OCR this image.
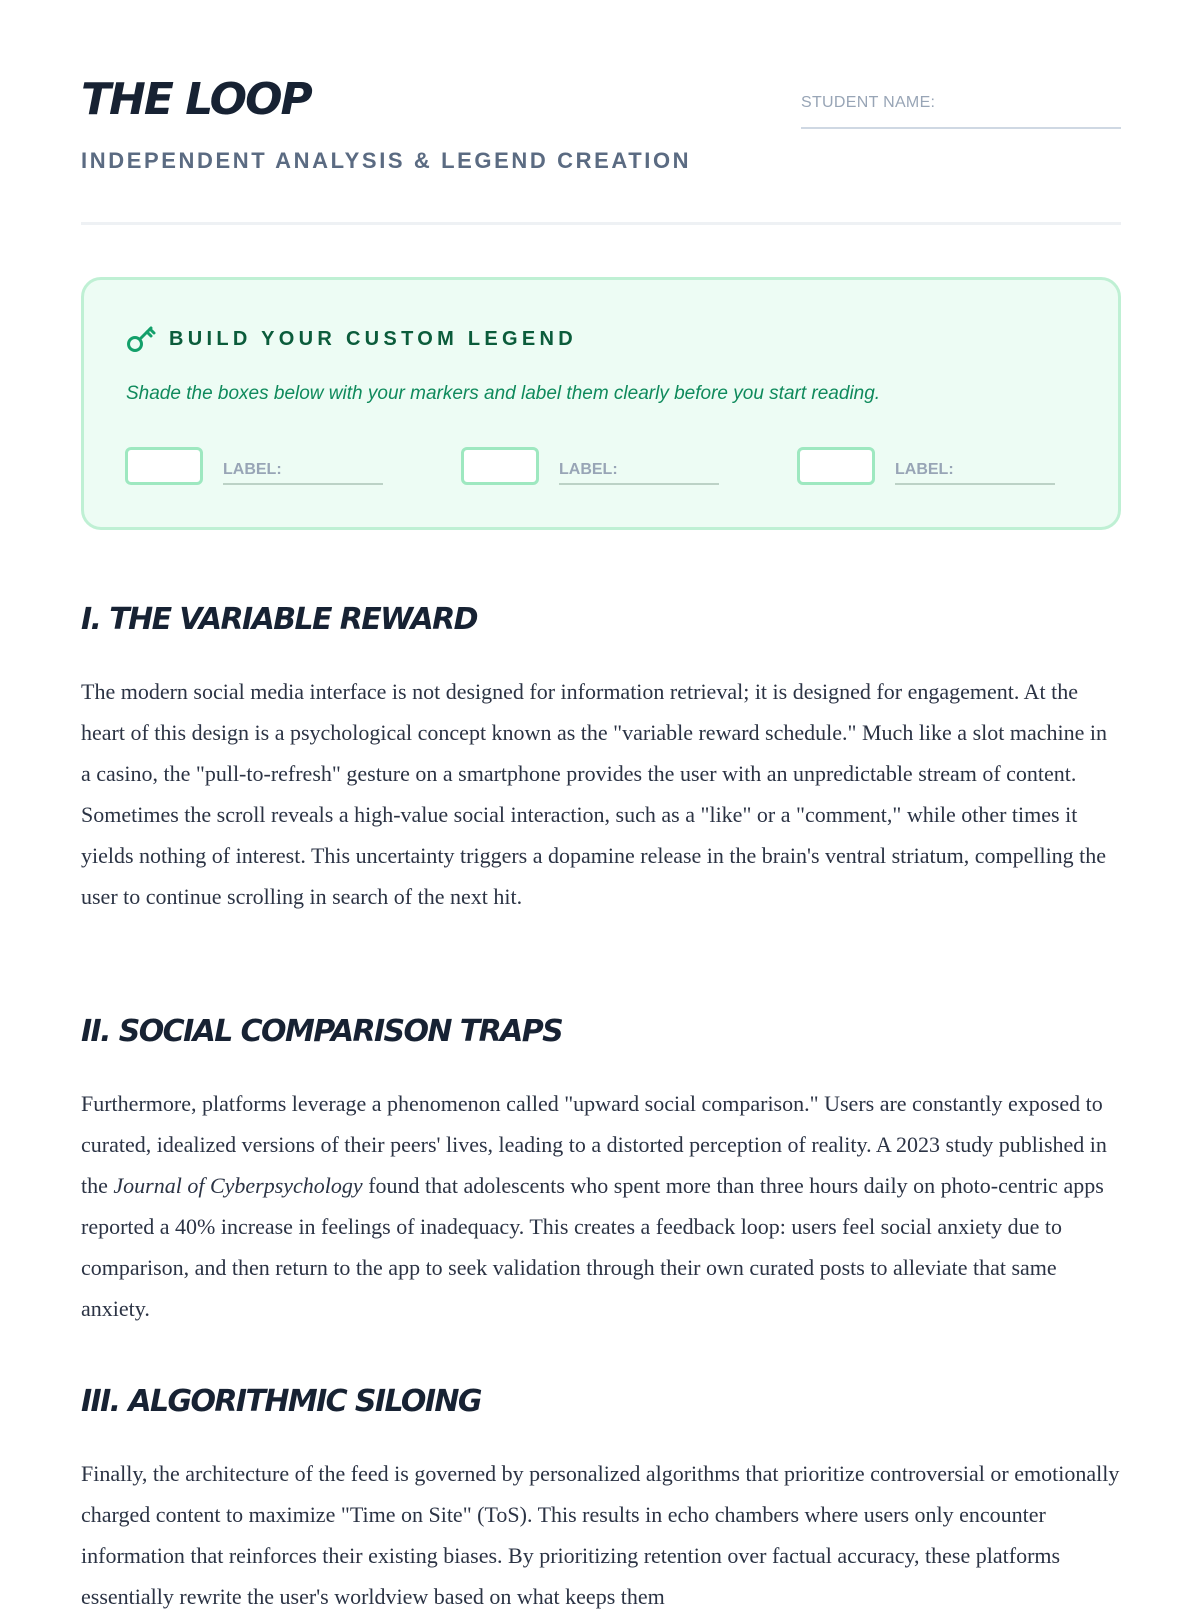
THE LOOP
INDEPENDENT ANALYSIS & LEGEND CREATION
STUDENT NAME:
BUILD YOUR CUSTOM LEGEND
Shade the boxes below with your markers and label them clearly before you start reading.
LABEL:	LABEL:	LABEL:
I. THE VARIABLE REWARD

The modern social media interface is not designed for information retrieval; it is designed for engagement. At the heart of this design is a psychological concept known as the "variable reward schedule." Much like a slot machine in a casino, the "pull-to-refresh" gesture on a smartphone provides the user with an unpredictable stream of content. Sometimes the scroll reveals a high-value social interaction, such as a "like" or a "comment," while other times it yields nothing of interest. This uncertainty triggers a dopamine release in the brain's ventral striatum, compelling the user to continue scrolling in search of the next hit.

II. SOCIAL COMPARISON TRAPS

Furthermore, platforms leverage a phenomenon called "upward social comparison." Users are constantly exposed to curated, idealized versions of their peers' lives, leading to a distorted perception of reality. A 2023 study published in the Journal of Cyberpsychology found that adolescents who spent more than three hours daily on photo-centric apps reported a 40% increase in feelings of inadequacy. This creates a feedback loop: users feel social anxiety due to comparison, and then return to the app to seek validation through their own curated posts to alleviate that same anxiety.

III. ALGORITHMIC SILOING

Finally, the architecture of the feed is governed by personalized algorithms that prioritize controversial or emotionally charged content to maximize "Time on Site" (ToS). This results in echo chambers where users only encounter information that reinforces their existing biases. By prioritizing retention over factual accuracy, these platforms essentially rewrite the user's worldview based on what keeps them
